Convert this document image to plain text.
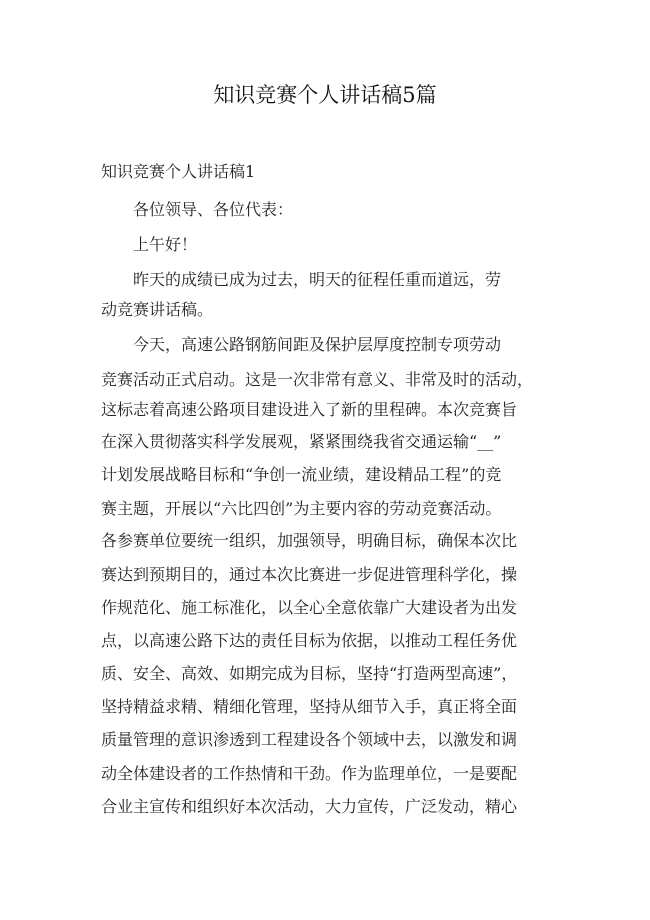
知识竞赛个人讲话稿5篇
知识竞赛个人讲话稿1
各位领导、各位代表：
上午好！
昨天的成绩已成为过去，明天的征程任重而道远，劳
动竞赛讲话稿。
今天，高速公路钢筋间距及保护层厚度控制专项劳动
竞赛活动正式启动。这是一次非常有意义、非常及时的活动，
这标志着高速公路项目建设进入了新的里程碑。本次竞赛旨
在深入贯彻落实科学发展观，紧紧围绕我省交通运输“__”
计划发展战略目标和“争创一流业绩，建设精品工程”的竞
赛主题，开展以“六比四创”为主要内容的劳动竞赛活动。
各参赛单位要统一组织，加强领导，明确目标，确保本次比
赛达到预期目的，通过本次比赛进一步促进管理科学化，操
作规范化、施工标准化，以全心全意依靠广大建设者为出发
点，以高速公路下达的责任目标为依据，以推动工程任务优
质、安全、高效、如期完成为目标，坚持“打造两型高速”，
坚持精益求精、精细化管理，坚持从细节入手，真正将全面
质量管理的意识渗透到工程建设各个领域中去，以激发和调
动全体建设者的工作热情和干劲。作为监理单位，一是要配
合业主宣传和组织好本次活动，大力宣传，广泛发动，精心
